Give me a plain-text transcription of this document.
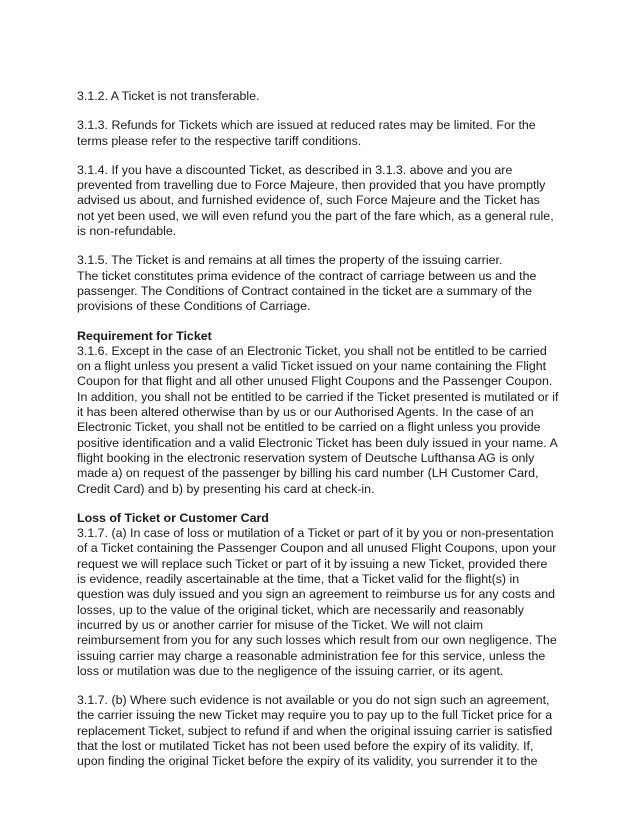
3.1.2. A Ticket is not transferable.
3.1.3. Refunds for Tickets which are issued at reduced rates may be limited. For the
terms please refer to the respective tariff conditions.
3.1.4. If you have a discounted Ticket, as described in 3.1.3. above and you are
prevented from travelling due to Force Majeure, then provided that you have promptly
advised us about, and furnished evidence of, such Force Majeure and the Ticket has
not yet been used, we will even refund you the part of the fare which, as a general rule,
is non-refundable.
3.1.5. The Ticket is and remains at all times the property of the issuing carrier.
The ticket constitutes prima evidence of the contract of carriage between us and the
passenger. The Conditions of Contract contained in the ticket are a summary of the
provisions of these Conditions of Carriage.
Requirement for Ticket
3.1.6. Except in the case of an Electronic Ticket, you shall not be entitled to be carried
on a flight unless you present a valid Ticket issued on your name containing the Flight
Coupon for that flight and all other unused Flight Coupons and the Passenger Coupon.
In addition, you shall not be entitled to be carried if the Ticket presented is mutilated or if
it has been altered otherwise than by us or our Authorised Agents. In the case of an
Electronic Ticket, you shall not be entitled to be carried on a flight unless you provide
positive identification and a valid Electronic Ticket has been duly issued in your name. A
flight booking in the electronic reservation system of Deutsche Lufthansa AG is only
made a) on request of the passenger by billing his card number (LH Customer Card,
Credit Card) and b) by presenting his card at check-in.
Loss of Ticket or Customer Card
3.1.7. (a) In case of loss or mutilation of a Ticket or part of it by you or non-presentation
of a Ticket containing the Passenger Coupon and all unused Flight Coupons, upon your
request we will replace such Ticket or part of it by issuing a new Ticket, provided there
is evidence, readily ascertainable at the time, that a Ticket valid for the flight(s) in
question was duly issued and you sign an agreement to reimburse us for any costs and
losses, up to the value of the original ticket, which are necessarily and reasonably
incurred by us or another carrier for misuse of the Ticket. We will not claim
reimbursement from you for any such losses which result from our own negligence. The
issuing carrier may charge a reasonable administration fee for this service, unless the
loss or mutilation was due to the negligence of the issuing carrier, or its agent.
3.1.7. (b) Where such evidence is not available or you do not sign such an agreement,
the carrier issuing the new Ticket may require you to pay up to the full Ticket price for a
replacement Ticket, subject to refund if and when the original issuing carrier is satisfied
that the lost or mutilated Ticket has not been used before the expiry of its validity. If,
upon finding the original Ticket before the expiry of its validity, you surrender it to the
